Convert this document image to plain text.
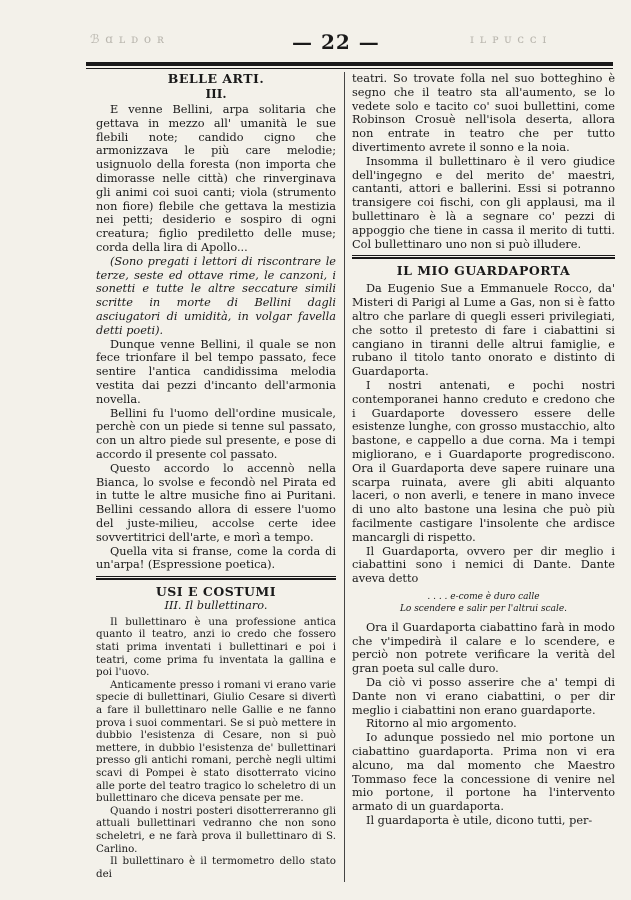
ℬ ɑ ʟ ᴅ ᴏ ʀ	— 22 —	ɪ ʟ ᴘ ᴜ ᴄ ᴄ ɪ
BELLE ARTI.
III.

E venne Bellini, arpa solitaria che gettava in mezzo all' umanità le sue flebili note; candido cigno che armonizzava le più care melodie; usignuolo della foresta (non importa che dimorasse nelle città) che rinverginava gli animi coi suoi canti; viola (strumento non fiore) flebile che gettava la mestizia nei petti; desiderio e sospiro di ogni creatura; figlio prediletto delle muse; corda della lira di Apollo...

(Sono pregati i lettori di riscontrare le terze, seste ed ottave rime, le canzoni, i sonetti e tutte le altre seccature simili scritte in morte di Bellini dagli asciugatori di umidità, in volgar favella detti poeti).

Dunque venne Bellini, il quale se non fece trionfare il bel tempo passato, fece sentire l'antica candidissima melodia vestita dai pezzi d'incanto dell'armonia novella.

Bellini fu l'uomo dell'ordine musicale, perchè con un piede si tenne sul passato, con un altro piede sul presente, e pose di accordo il presente col passato.

Questo accordo lo accennò nella Bianca, lo svolse e fecondò nel Pirata ed in tutte le altre musiche fino ai Puritani. Bellini cessando allora di essere l'uomo del juste-milieu, accolse certe idee sovvertitrici dell'arte, e morì a tempo.

Quella vita si franse, come la corda di un'arpa! (Espressione poetica).

USI E COSTUMI
III. Il bullettinaro.

Il bullettinaro è una professione antica quanto il teatro, anzi io credo che fossero stati prima inventati i bullettinari e poi i teatri, come prima fu inventata la gallina e poi l'uovo.

Anticamente presso i romani vi erano varie specie di bullettinari, Giulio Cesare si divertì a fare il bullettinaro nelle Gallie e ne fanno prova i suoi commentari. Se si può mettere in dubbio l'esistenza di Cesare, non si può mettere, in dubbio l'esistenza de' bullettinari presso gli antichi romani, perchè negli ultimi scavi di Pompei è stato disotterrato vicino alle porte del teatro tragico lo scheletro di un bullettinaro che diceva pensate per me.

Quando i nostri posteri disotterreranno gli attuali bullettinari vedranno che non sono scheletri, e ne farà prova il bullettinaro di S. Carlino.

Il bullettinaro è il termometro dello stato dei

teatri. So trovate folla nel suo botteghino è segno che il teatro sta all'aumento, se lo vedete solo e tacito co' suoi bullettini, come Robinson Crosuè nell'isola deserta, allora non entrate in teatro che per tutto divertimento avrete il sonno e la noia.

Insomma il bullettinaro è il vero giudice dell'ingegno e del merito de' maestri, cantanti, attori e ballerini. Essi si potranno transigere coi fischi, con gli applausi, ma il bullettinaro è là a segnare co' pezzi di appoggio che tiene in cassa il merito di tutti. Col bullettinaro uno non si può illudere.

IL MIO GUARDAPORTA

Da Eugenio Sue a Emmanuele Rocco, da' Misteri di Parigi al Lume a Gas, non si è fatto altro che parlare di quegli esseri privilegiati, che sotto il pretesto di fare i ciabattini si cangiano in tiranni delle altrui famiglie, e rubano il titolo tanto onorato e distinto di Guardaporta.

I nostri antenati, e pochi nostri contemporanei hanno creduto e credono che i Guardaporte dovessero essere delle esistenze lunghe, con grosso mustacchio, alto bastone, e cappello a due corna. Ma i tempi migliorano, e i Guardaporte progrediscono. Ora il Guardaporta deve sapere ruinare una scarpa ruinata, avere gli abiti alquanto laceri, o non averli, e tenere in mano invece di uno alto bastone una lesina che può più facilmente castigare l'insolente che ardisce mancargli di rispetto.

Il Guardaporta, ovvero per dir meglio i ciabattini sono i nemici di Dante. Dante aveva detto

. . . . e-come è duro calle
Lo scendere e salir per l'altrui scale.

Ora il Guardaporta ciabattino farà in modo che v'impedirà il calare e lo scendere, e perciò non potrete verificare la verità del gran poeta sul calle duro.

Da ciò vi posso asserire che a' tempi di Dante non vi erano ciabattini, o per dir meglio i ciabattini non erano guardaporte.

Ritorno al mio argomento.

Io adunque possiedo nel mio portone un ciabattino guardaporta. Prima non vi era alcuno, ma dal momento che Maestro Tommaso fece la concessione di venire nel mio portone, il portone ha l'intervento armato di un guardaporta.

Il guardaporta è utile, dicono tutti, per-
